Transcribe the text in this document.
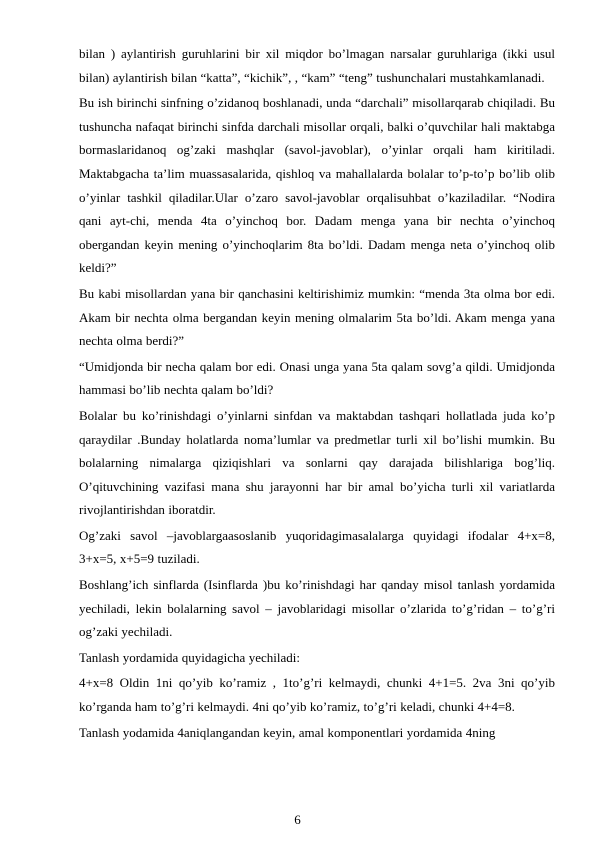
bilan ) aylantirish guruhlarini bir xil miqdor bo’lmagan narsalar guruhlariga (ikki usul bilan) aylantirish bilan “katta”, “kichik”, , “kam” “teng” tushunchalari mustahkamlanadi.

Bu ish birinchi sinfning o’zidanoq boshlanadi, unda “darchali” misollarqarab chiqiladi. Bu tushuncha nafaqat birinchi sinfda darchali misollar orqali, balki o’quvchilar hali maktabga bormaslaridanoq og’zaki mashqlar (savol-javoblar), o’yinlar orqali ham kiritiladi. Maktabgacha ta’lim muassasalarida, qishloq va mahallalarda bolalar to’p-to’p bo’lib olib o’yinlar tashkil qiladilar.Ular o’zaro savol-javoblar orqalisuhbat o’kaziladilar. “Nodira qani ayt-chi, menda 4ta o’yinchoq bor. Dadam menga yana bir nechta o’yinchoq obergandan keyin mening o’yinchoqlarim 8ta bo’ldi. Dadam menga neta o’yinchoq olib keldi?”

Bu kabi misollardan yana bir qanchasini keltirishimiz mumkin: “menda 3ta olma bor edi. Akam bir nechta olma bergandan keyin mening olmalarim 5ta bo’ldi. Akam menga yana nechta olma berdi?”

“Umidjonda bir necha qalam bor edi. Onasi unga yana 5ta qalam sovg’a qildi. Umidjonda hammasi bo’lib nechta qalam bo’ldi?

Bolalar bu ko’rinishdagi o’yinlarni sinfdan va maktabdan tashqari hollatlada juda ko’p qaraydilar .Bunday holatlarda noma’lumlar va predmetlar turli xil bo’lishi mumkin. Bu bolalarning nimalarga qiziqishlari va sonlarni qay darajada bilishlariga bog’liq. O’qituvchining vazifasi mana shu jarayonni har bir amal bo’yicha turli xil variatlarda rivojlantirishdan iboratdir.

Og’zaki savol –javoblargaasoslanib yuqoridagimasalalarga quyidagi ifodalar 4+x=8, 3+x=5, x+5=9 tuziladi.

Boshlang’ich sinflarda (Isinflarda )bu ko’rinishdagi har qanday misol tanlash yordamida yechiladi, lekin bolalarning savol – javoblaridagi misollar o’zlarida to’g’ridan – to’g’ri og’zaki yechiladi.

Tanlash yordamida quyidagicha yechiladi:

4+x=8 Oldin 1ni qo’yib ko’ramiz , 1to’g’ri kelmaydi, chunki 4+1=5. 2va 3ni qo’yib ko’rganda ham to’g’ri kelmaydi. 4ni qo’yib ko’ramiz, to’g’ri keladi, chunki 4+4=8.

Tanlash yodamida 4aniqlangandan keyin, amal komponentlari yordamida 4ning

6
